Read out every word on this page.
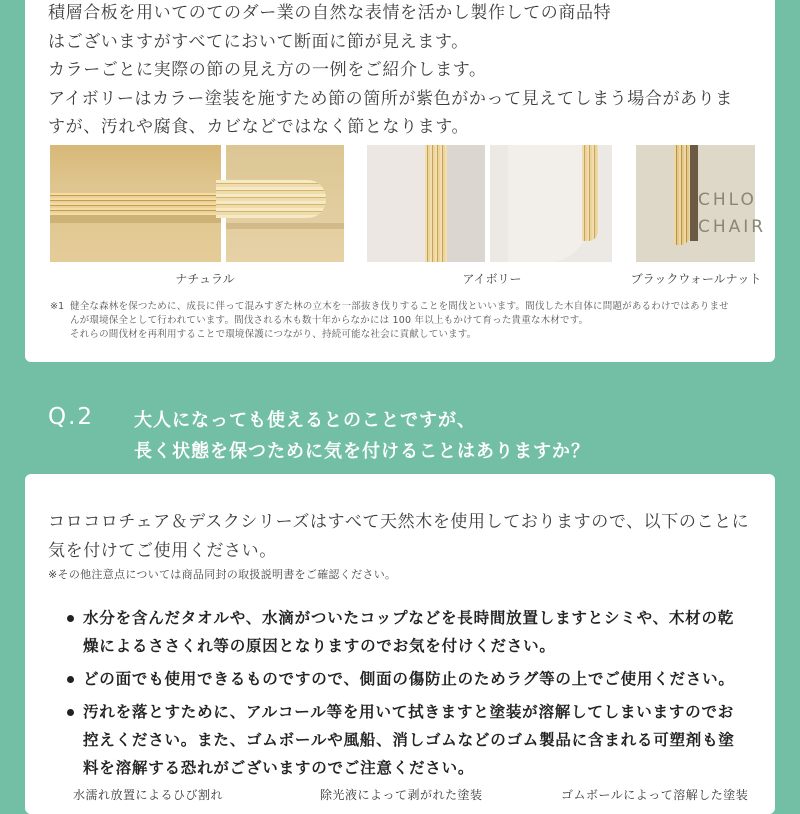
積層合板を用いてのてのダー業の自然な表情を活かし製作しての商品特
はございますがすべてにおいて断面に節が見えます。
カラーごとに実際の節の見え方の一例をご紹介します。
アイボリーはカラー塗装を施すため節の箇所が紫色がかって見えてしまう場合がありま
すが、汚れや腐食、カビなどではなく節となります。

ナチュラル	アイボリー
CHLO
CHAIR
ブラックウォールナット
※1 健全な森林を保つために、成長に伴って混みすぎた林の立木を一部抜き伐りすることを間伐といいます。間伐した木自体に問題があるわけではありませ
んが環境保全として行われています。間伐される木も数十年からなかには 100 年以上もかけて育った貴重な木材です。
それらの間伐材を再利用することで環境保護につながり、持続可能な社会に貢献しています。
Q.2 大人になっても使えるとのことですが、
長く状態を保つために気を付けることはありますか？

コロコロチェア＆デスクシリーズはすべて天然木を使用しておりますので、以下のことに
気を付けてご使用ください。

※その他注意点については商品同封の取扱説明書をご確認ください。
水分を含んだタオルや、水滴がついたコップなどを長時間放置しますとシミや、木材の乾燥によるささくれ等の原因となりますのでお気を付けください。
どの面でも使用できるものですので、側面の傷防止のためラグ等の上でご使用ください。
汚れを落とすために、アルコール等を用いて拭きますと塗装が溶解してしまいますのでお控えください。また、ゴムボールや風船、消しゴムなどのゴム製品に含まれる可塑剤も塗料を溶解する恐れがございますのでご注意ください。
水濡れ放置によるひび割れ	除光液によって剥がれた塗装	ゴムボールによって溶解した塗装
